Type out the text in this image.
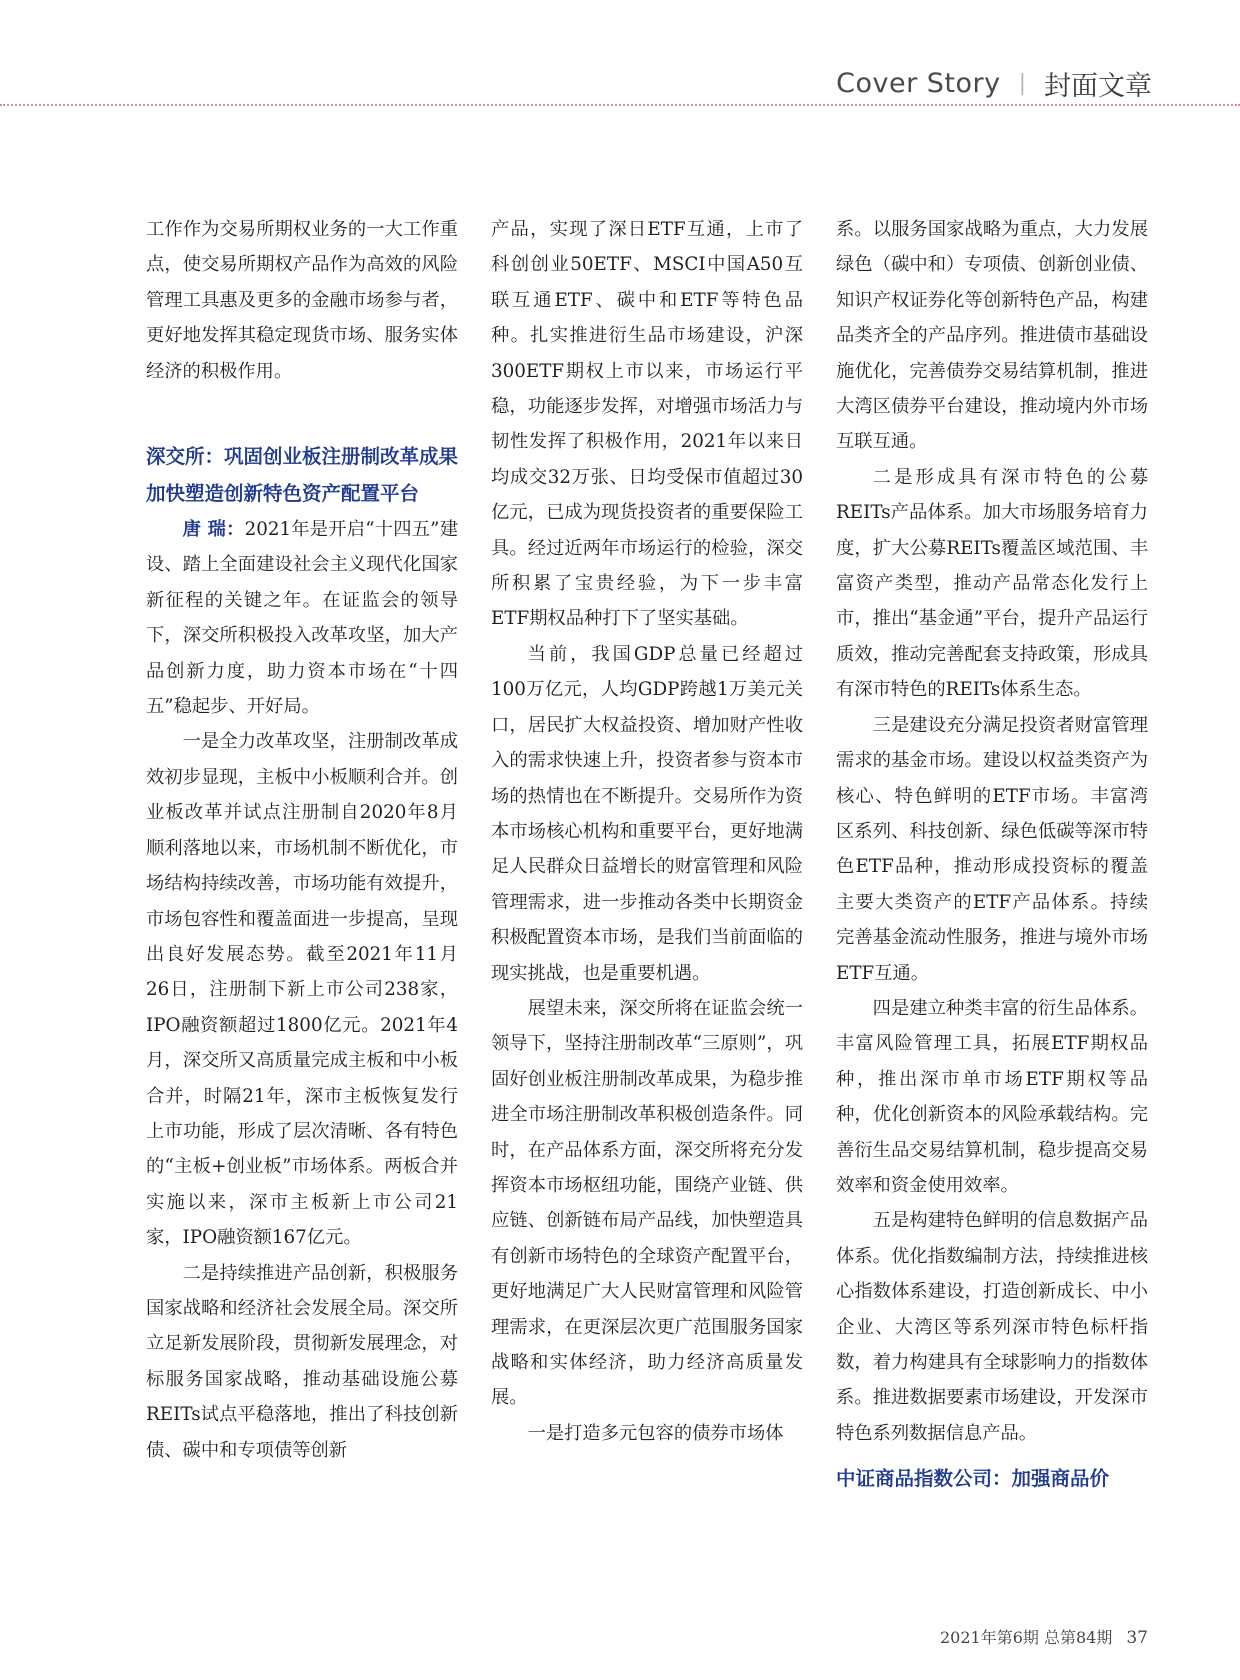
Cover Story | 封面文章

工作作为交易所期权业务的一大工作重点，使交易所期权产品作为高效的风险管理工具惠及更多的金融市场参与者，更好地发挥其稳定现货市场、服务实体经济的积极作用。

深交所：巩固创业板注册制改革成果 加快塑造创新特色资产配置平台

唐 瑞：2021年是开启“十四五”建设、踏上全面建设社会主义现代化国家新征程的关键之年。在证监会的领导下，深交所积极投入改革攻坚，加大产品创新力度，助力资本市场在“十四五”稳起步、开好局。

一是全力改革攻坚，注册制改革成效初步显现，主板中小板顺利合并。创业板改革并试点注册制自2020年8月顺利落地以来，市场机制不断优化，市场结构持续改善，市场功能有效提升，市场包容性和覆盖面进一步提高，呈现出良好发展态势。截至2021年11月26日，注册制下新上市公司238家，IPO融资额超过1800亿元。2021年4月，深交所又高质量完成主板和中小板合并，时隔21年，深市主板恢复发行上市功能，形成了层次清晰、各有特色的“主板+创业板”市场体系。两板合并实施以来，深市主板新上市公司21家，IPO融资额167亿元。

二是持续推进产品创新，积极服务国家战略和经济社会发展全局。深交所立足新发展阶段，贯彻新发展理念，对标服务国家战略，推动基础设施公募REITs试点平稳落地，推出了科技创新债、碳中和专项债等创新

产品，实现了深日ETF互通，上市了科创创业50ETF、MSCI中国A50互联互通ETF、碳中和ETF等特色品种。扎实推进衍生品市场建设，沪深300ETF期权上市以来，市场运行平稳，功能逐步发挥，对增强市场活力与韧性发挥了积极作用，2021年以来日均成交32万张、日均受保市值超过30亿元，已成为现货投资者的重要保险工具。经过近两年市场运行的检验，深交所积累了宝贵经验，为下一步丰富ETF期权品种打下了坚实基础。

当前，我国GDP总量已经超过100万亿元，人均GDP跨越1万美元关口，居民扩大权益投资、增加财产性收入的需求快速上升，投资者参与资本市场的热情也在不断提升。交易所作为资本市场核心机构和重要平台，更好地满足人民群众日益增长的财富管理和风险管理需求，进一步推动各类中长期资金积极配置资本市场，是我们当前面临的现实挑战，也是重要机遇。

展望未来，深交所将在证监会统一领导下，坚持注册制改革“三原则”，巩固好创业板注册制改革成果，为稳步推进全市场注册制改革积极创造条件。同时，在产品体系方面，深交所将充分发挥资本市场枢纽功能，围绕产业链、供应链、创新链布局产品线，加快塑造具有创新市场特色的全球资产配置平台，更好地满足广大人民财富管理和风险管理需求，在更深层次更广范围服务国家战略和实体经济，助力经济高质量发展。

一是打造多元包容的债券市场体

系。以服务国家战略为重点，大力发展绿色（碳中和）专项债、创新创业债、知识产权证券化等创新特色产品，构建品类齐全的产品序列。推进债市基础设施优化，完善债券交易结算机制，推进大湾区债券平台建设，推动境内外市场互联互通。

二是形成具有深市特色的公募REITs产品体系。加大市场服务培育力度，扩大公募REITs覆盖区域范围、丰富资产类型，推动产品常态化发行上市，推出“基金通”平台，提升产品运行质效，推动完善配套支持政策，形成具有深市特色的REITs体系生态。

三是建设充分满足投资者财富管理需求的基金市场。建设以权益类资产为核心、特色鲜明的ETF市场。丰富湾区系列、科技创新、绿色低碳等深市特色ETF品种，推动形成投资标的覆盖主要大类资产的ETF产品体系。持续完善基金流动性服务，推进与境外市场ETF互通。

四是建立种类丰富的衍生品体系。丰富风险管理工具，拓展ETF期权品种，推出深市单市场ETF期权等品种，优化创新资本的风险承载结构。完善衍生品交易结算机制，稳步提高交易效率和资金使用效率。

五是构建特色鲜明的信息数据产品体系。优化指数编制方法，持续推进核心指数体系建设，打造创新成长、中小企业、大湾区等系列深市特色标杆指数，着力构建具有全球影响力的指数体系。推进数据要素市场建设，开发深市特色系列数据信息产品。

中证商品指数公司：加强商品价
2021年第6期 总第84期 37
